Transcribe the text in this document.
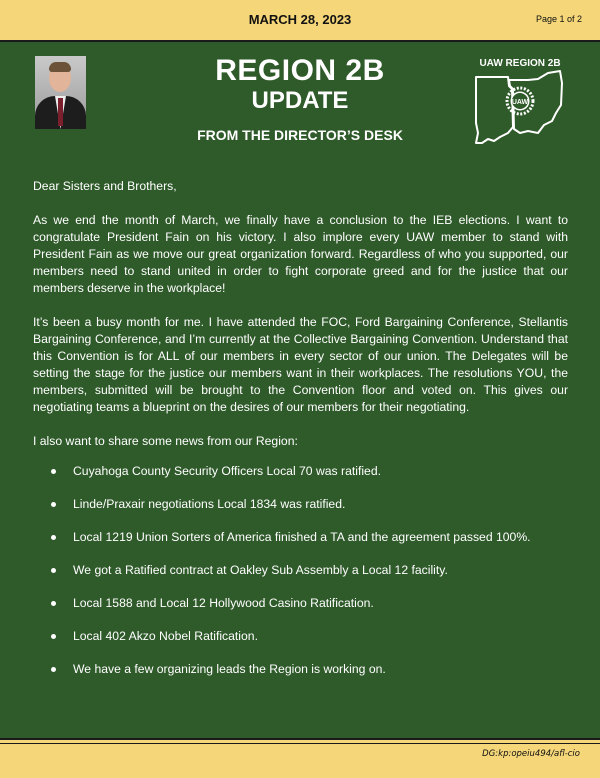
MARCH 28, 2023	Page 1 of 2
REGION 2B
UPDATE
FROM THE DIRECTOR’S DESK
UAW REGION 2B
UAW

Dear Sisters and Brothers,

As we end the month of March, we finally have a conclusion to the IEB elections. I want to congratulate President Fain on his victory. I also implore every UAW member to stand with President Fain as we move our great organization forward. Regardless of who you supported, our members need to stand united in order to fight corporate greed and for the justice that our members deserve in the workplace!

It’s been a busy month for me. I have attended the FOC, Ford Bargaining Conference, Stellantis Bargaining Conference, and I’m currently at the Collective Bargaining Convention. Understand that this Convention is for ALL of our members in every sector of our union. The Delegates will be setting the stage for the justice our members want in their workplaces. The resolutions YOU, the members, submitted will be brought to the Convention floor and voted on. This gives our negotiating teams a blueprint on the desires of our members for their negotiating.

I also want to share some news from our Region:

Cuyahoga County Security Officers Local 70 was ratified.
Linde/Praxair negotiations Local 1834 was ratified.
Local 1219 Union Sorters of America finished a TA and the agreement passed 100%.
We got a Ratified contract at Oakley Sub Assembly a Local 12 facility.
Local 1588 and Local 12 Hollywood Casino Ratification.
Local 402 Akzo Nobel Ratification.
We have a few organizing leads the Region is working on.
DG:kp:opeiu494/afl-cio
